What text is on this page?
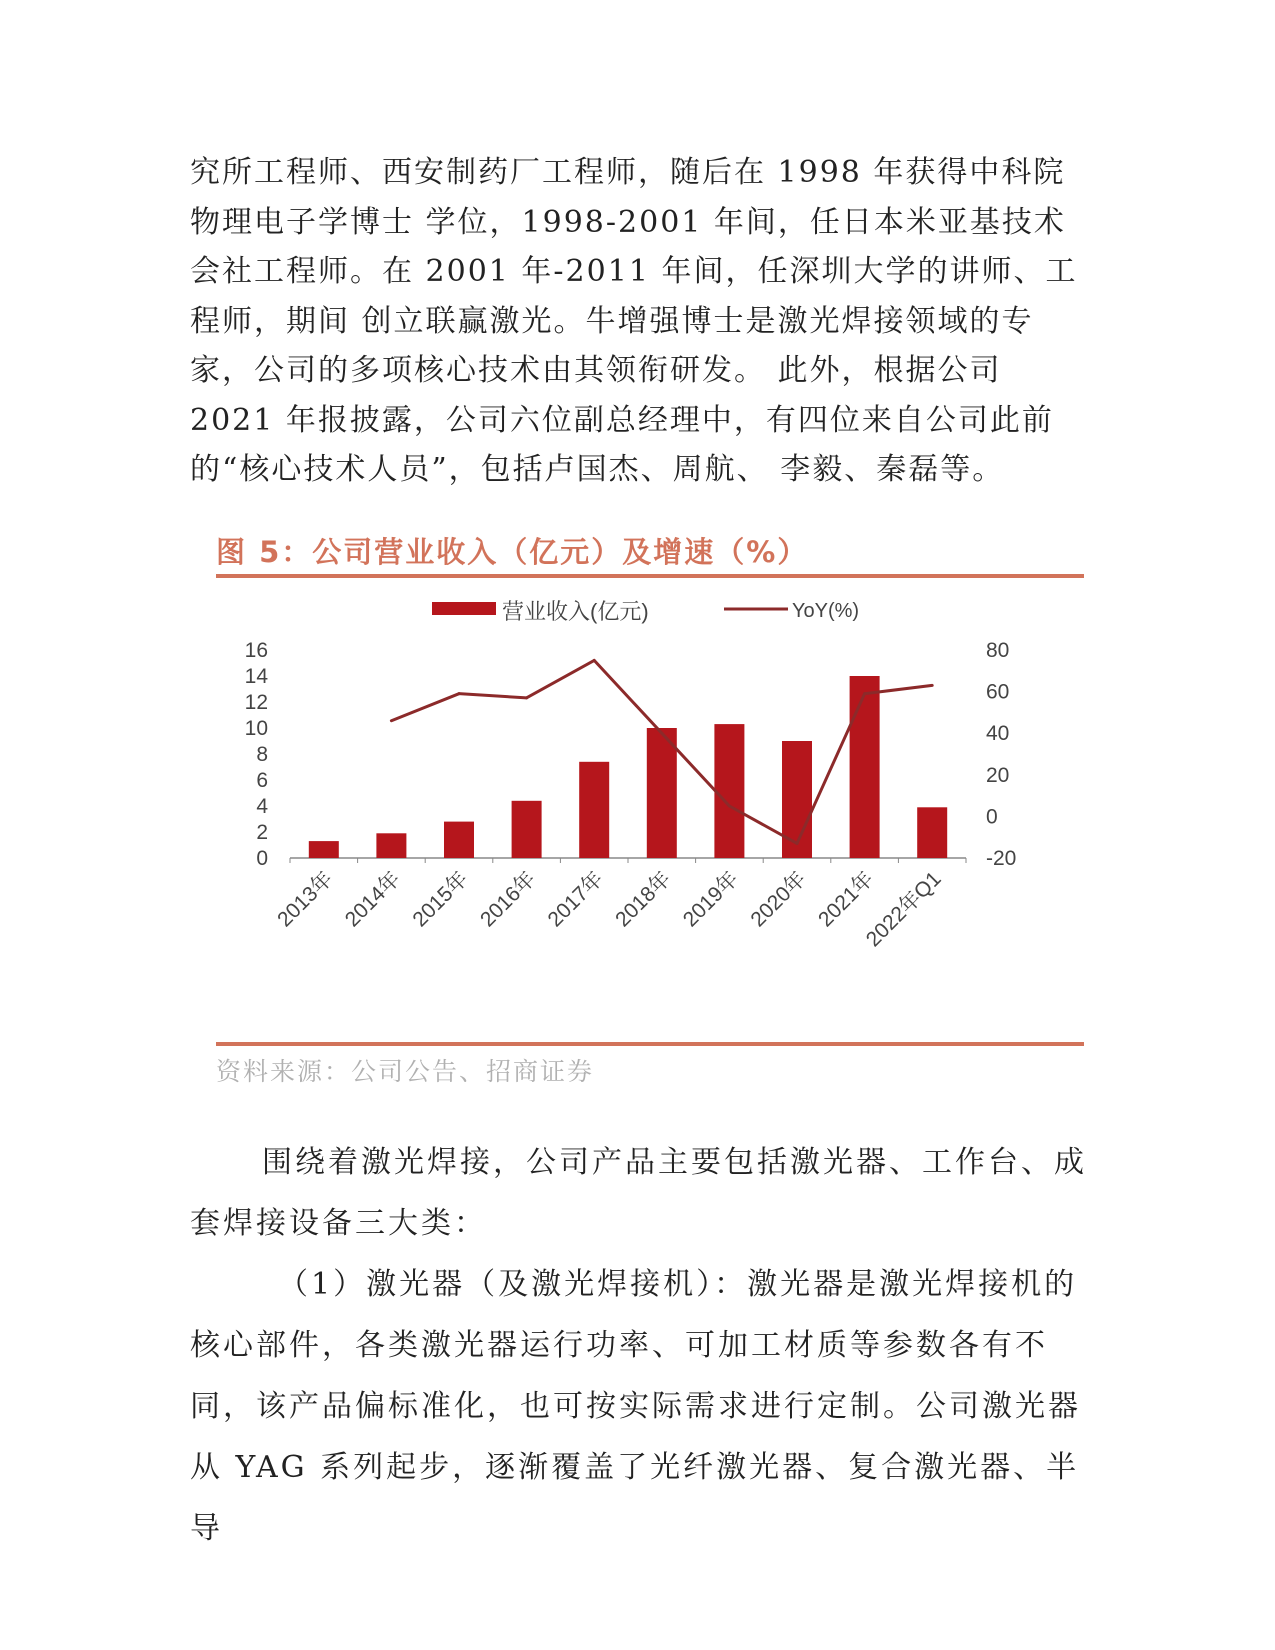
究所工程师、西安制药厂工程师，随后在 1998 年获得中科院物理电子学博士 学位，1998-2001 年间，任日本米亚基技术会社工程师。在 2001 年-2011 年间，任深圳大学的讲师、工程师，期间 创立联赢激光。牛增强博士是激光焊接领域的专家，公司的多项核心技术由其领衔研发。 此外，根据公司 2021 年报披露，公司六位副总经理中，有四位来自公司此前的“核心技术人员”，包括卢国杰、周航、 李毅、秦磊等。

图 5：公司营业收入（亿元）及增速（%）

营业收入(亿元)	YoY(%)
0
2
4
6
8
10
12
14
16
-20
0
20
40
60
80
2013年 2014年 2015年 2016年 2017年 2018年 2019年 2020年 2021年
2022年Q1

资料来源：公司公告、招商证券

围绕着激光焊接，公司产品主要包括激光器、工作台、成套焊接设备三大类：

（1）激光器（及激光焊接机）：激光器是激光焊接机的核心部件，各类激光器运行功率、可加工材质等参数各有不同，该产品偏标准化，也可按实际需求进行定制。公司激光器从 YAG 系列起步，逐渐覆盖了光纤激光器、复合激光器、半导
